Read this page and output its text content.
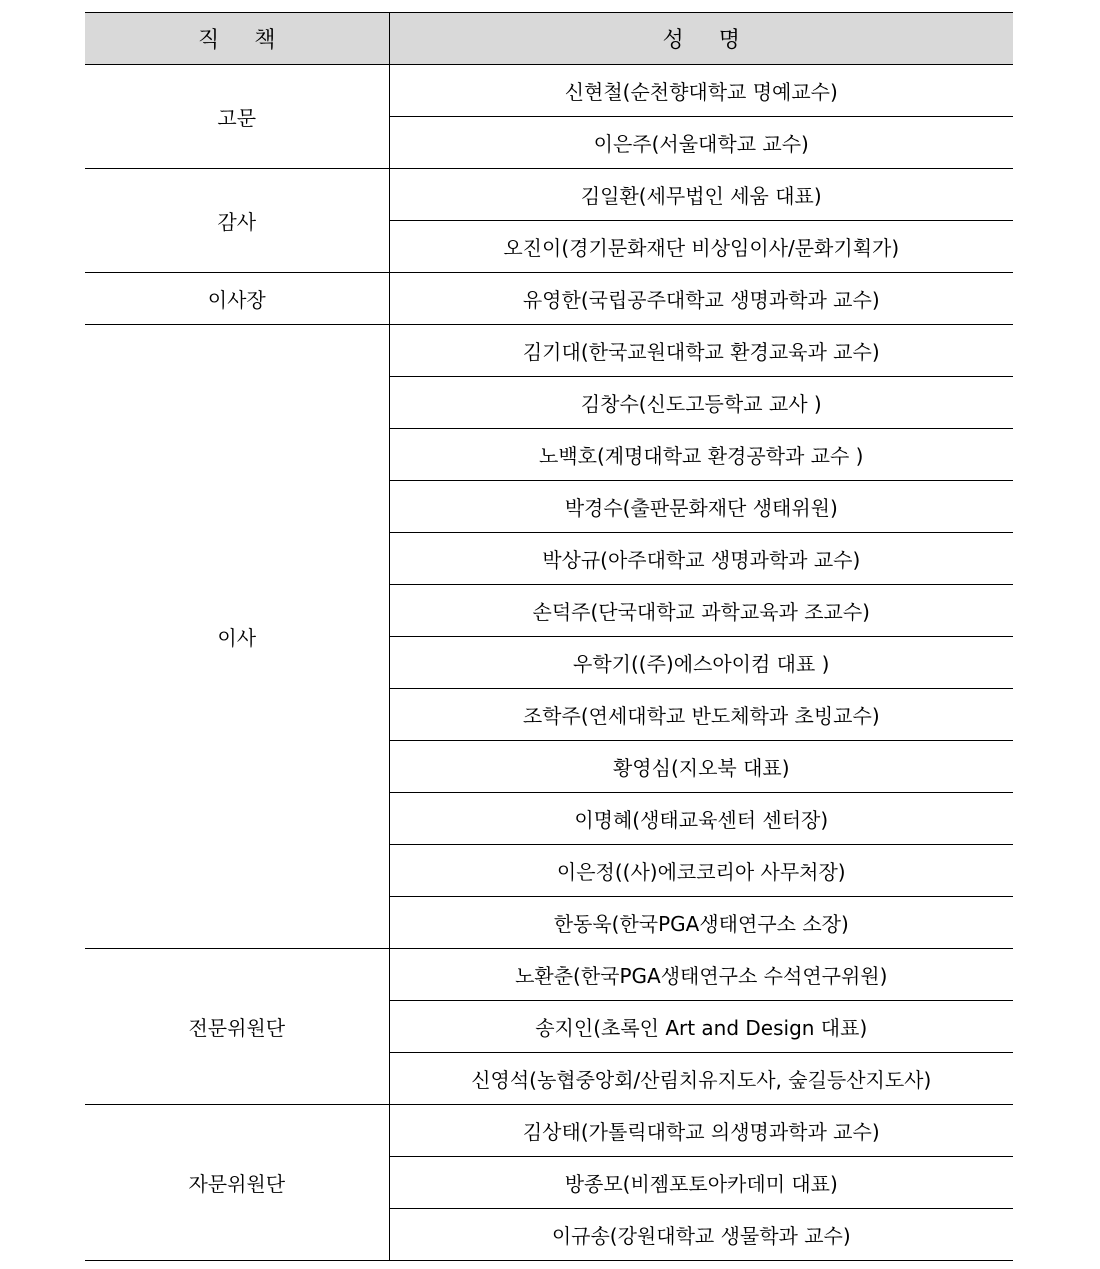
직 책	성 명
고문	신현철(순천향대학교 명예교수)
	이은주(서울대학교 교수)
감사	김일환(세무법인 세움 대표)
	오진이(경기문화재단 비상임이사/문화기획가)
이사장	유영한(국립공주대학교 생명과학과 교수)
이사	김기대(한국교원대학교 환경교육과 교수)
	김창수(신도고등학교 교사 )
	노백호(계명대학교 환경공학과 교수 )
	박경수(출판문화재단 생태위원)
	박상규(아주대학교 생명과학과 교수)
	손덕주(단국대학교 과학교육과 조교수)
	우학기((주)에스아이컴 대표 )
	조학주(연세대학교 반도체학과 초빙교수)
	황영심(지오북 대표)
	이명혜(생태교육센터 센터장)
	이은정((사)에코코리아 사무처장)
	한동욱(한국PGA생태연구소 소장)
전문위원단	노환춘(한국PGA생태연구소 수석연구위원)
	송지인(초록인 Art and Design 대표)
	신영석(농협중앙회/산림치유지도사, 숲길등산지도사)
자문위원단	김상태(가톨릭대학교 의생명과학과 교수)
	방종모(비젬포토아카데미 대표)
	이규송(강원대학교 생물학과 교수)
